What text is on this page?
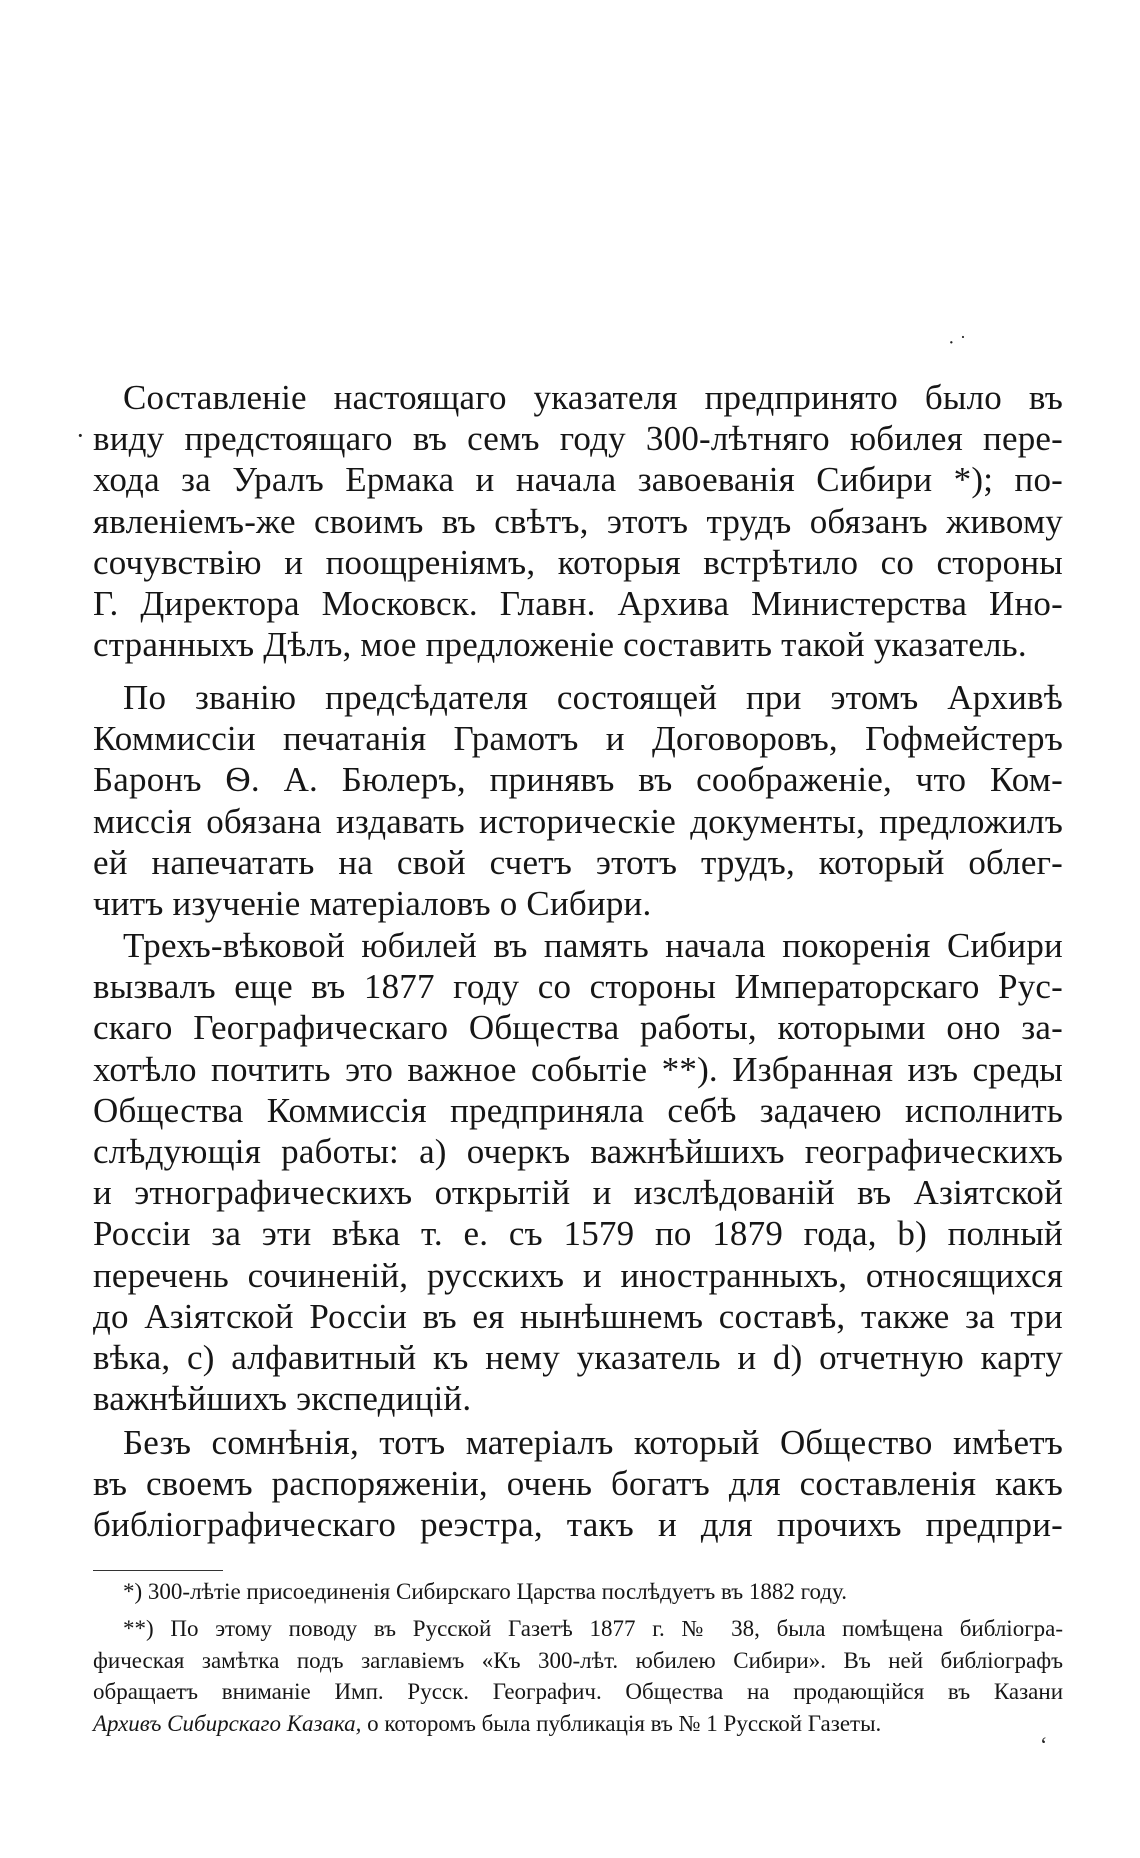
· ˙
·

Составленіе настоящаго указателя предпринято было въ
виду предстоящаго въ семъ году 300-лѣтняго юбилея пере-
хода за Уралъ Ермака и начала завоеванія Сибири *); по-
явленіемъ-же своимъ въ свѣтъ, этотъ трудъ обязанъ живому
сочувствію и поощреніямъ, которыя встрѣтило со стороны
Г. Директора Московск. Главн. Архива Министерства Ино-
странныхъ Дѣлъ, мое предложеніе составить такой указатель.

По званію предсѣдателя состоящей при этомъ Архивѣ
Коммиссіи печатанія Грамотъ и Договоровъ, Гофмейстеръ
Баронъ Ѳ. А. Бюлеръ, принявъ въ соображеніе, что Ком-
миссія обязана издавать историческіе документы, предложилъ
ей напечатать на свой счетъ этотъ трудъ, который облег-
читъ изученіе матеріаловъ о Сибири.

Трехъ-вѣковой юбилей въ память начала покоренія Сибири
вызвалъ еще въ 1877 году со стороны Императорскаго Рус-
скаго Географическаго Общества работы, которыми оно за-
хотѣло почтить это важное событіе **). Избранная изъ среды
Общества Коммиссія предприняла себѣ задачею исполнить
слѣдующія работы: a) очеркъ важнѣйшихъ географическихъ
и этнографическихъ открытій и изслѣдованій въ Азіятской
Россіи за эти вѣка т. е. съ 1579 по 1879 года, b) полный
перечень сочиненій, русскихъ и иностранныхъ, относящихся
до Азіятской Россіи въ ея нынѣшнемъ составѣ, также за три
вѣка, c) алфавитный къ нему указатель и d) отчетную карту
важнѣйшихъ экспедицій.

Безъ сомнѣнія, тотъ матеріалъ который Общество имѣетъ
въ своемъ распоряженіи, очень богатъ для составленія какъ
библіографическаго реэстра, такъ и для прочихъ предпри-

*) 300-лѣтіе присоединенія Сибирскаго Царства послѣдуетъ въ 1882 году.

**) По этому поводу въ Русской Газетѣ 1877 г. № 38, была помѣщена библіогра-
фическая замѣтка подъ заглавіемъ «Къ 300-лѣт. юбилею Сибири». Въ ней библіографъ
обращаетъ вниманіе Имп. Русск. Географич. Общества на продающійся въ Казани
Архивъ Сибирскаго Казака, о которомъ была публикація въ № 1 Русской Газеты.

ʻ
